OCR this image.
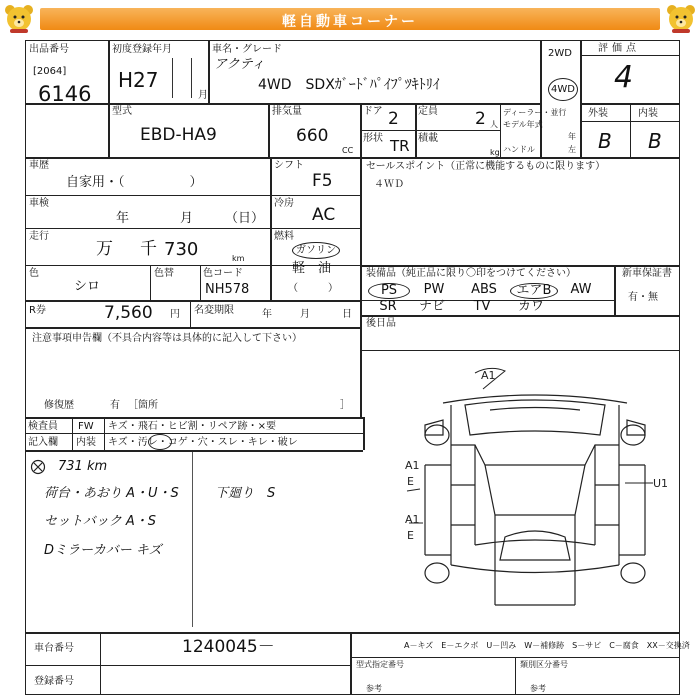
軽自動車コーナー
出品番号
[2064]
6146
初度登録年月
H27
月
車名・グレード
アクティ
4WD　SDXｶﾞｰﾄﾞﾊﾟｲﾌﾟﾂｷﾄﾘｲ
2WD
4WD
評価点
4
外装	内装
B B
型式
EBD-HA9
排気量
660
CC
ドア 2 定員 2 人
ディーラー・並行
モデル年式
年
ハンドル	左
形状 TR 積載
kg
車歴
自家用・（　　　　　）
シフト
F5
車検
年	月 （日）
冷房
AC
走行
万 千 730	km
燃料
ガソリン
軽　油
（　　　）
色
シロ
色替	色コード
NH578
R券	7,560 円 名変期限	年	月	日
セールスポイント（正常に機能するものに限ります）
４ＷＤ
装備品（純正品に限り〇印をつけてください）	新車保証書
有・無
PS	PW	ABS	エアB	AW
SR	ナビ	TV	カワ
後日品
注意事項申告欄（不具合内容等は具体的に記入して下さい）
修復歴	有 ［箇所	］
検査員
記入欄
FW キズ・飛石・ヒビ割・リペア跡・×要
内装 キズ・汚レ・コゲ・穴・スレ・キレ・破レ
731 km
荷台・あおり A・U・S	下廻り　S
セットバック A・S
Dミラーカバー キズ
A1
A1
E
A1
E
U1
車台番号	1240045－
登録番号
A－キズ　E－エクボ　U－凹み　W－補修跡　S－サビ　C－腐食　XX－交換済
型式指定番号
参考
類別区分番号
参考
